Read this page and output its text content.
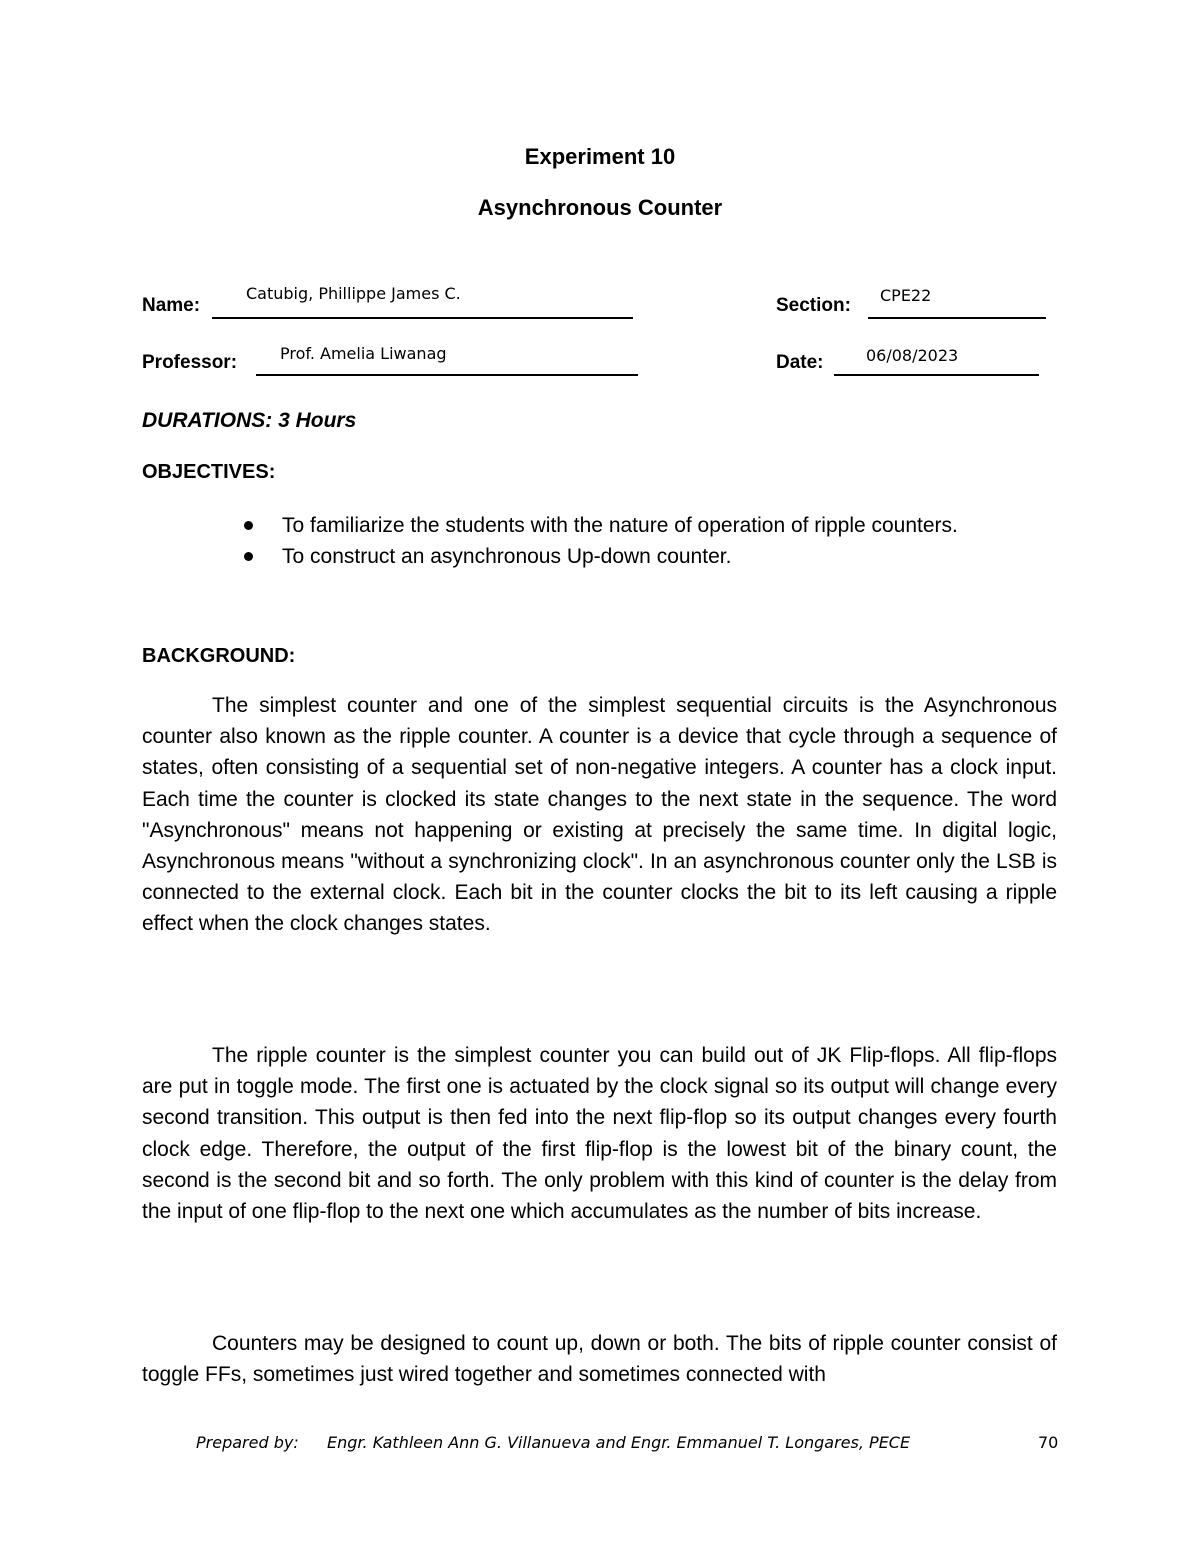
Experiment 10
Asynchronous Counter
Name:
Catubig, Phillippe James C.
Section: CPE22
Professor:	Prof. Amelia Liwanag	Date:	06/08/2023
DURATIONS: 3 Hours
OBJECTIVES:
To familiarize the students with the nature of operation of ripple counters.
To construct an asynchronous Up-down counter.
BACKGROUND:

The simplest counter and one of the simplest sequential circuits is the Asynchronous counter also known as the ripple counter. A counter is a device that cycle through a sequence of states, often consisting of a sequential set of non-negative integers. A counter has a clock input. Each time the counter is clocked its state changes to the next state in the sequence. The word "Asynchronous" means not happening or existing at precisely the same time. In digital logic, Asynchronous means "without a synchronizing clock". In an asynchronous counter only the LSB is connected to the external clock. Each bit in the counter clocks the bit to its left causing a ripple effect when the clock changes states.

The ripple counter is the simplest counter you can build out of JK Flip-flops. All flip-flops are put in toggle mode. The first one is actuated by the clock signal so its output will change every second transition. This output is then fed into the next flip-flop so its output changes every fourth clock edge. Therefore, the output of the first flip-flop is the lowest bit of the binary count, the second is the second bit and so forth. The only problem with this kind of counter is the delay from the input of one flip-flop to the next one which accumulates as the number of bits increase.

Counters may be designed to count up, down or both. The bits of ripple counter consist of toggle FFs, sometimes just wired together and sometimes connected with

Prepared by: Engr. Kathleen Ann G. Villanueva and Engr. Emmanuel T. Longares, PECE	70
